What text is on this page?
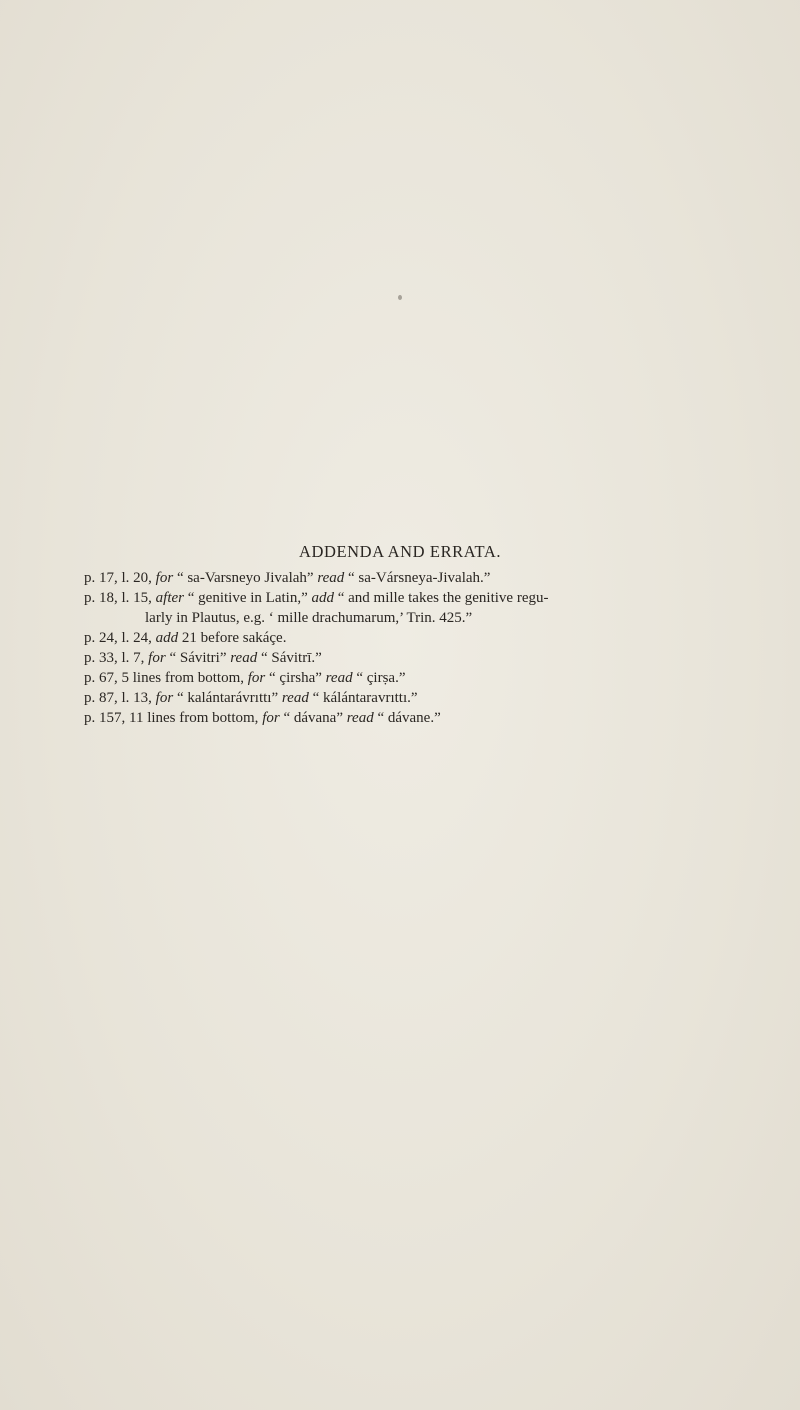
ADDENDA AND ERRATA.
p. 17, l. 20, for “ sa-Varsneyo Jivalah” read “ sa-Vársneya-Jivalah.”
p. 18, l. 15, after “ genitive in Latin,” add “ and mille takes the genitive regu-
larly in Plautus, e.g. ‘ mille drachumarum,’ Trin. 425.”
p. 24, l. 24, add 21 before sakáçe.
p. 33, l. 7, for “ Sávitri” read “ Sávitrī.”
p. 67, 5 lines from bottom, for “ çirsha” read “ çirṣa.”
p. 87, l. 13, for “ kalántarávrıttı” read “ kálántaravrıttı.”
p. 157, 11 lines from bottom, for “ dávana” read “ dávane.”
